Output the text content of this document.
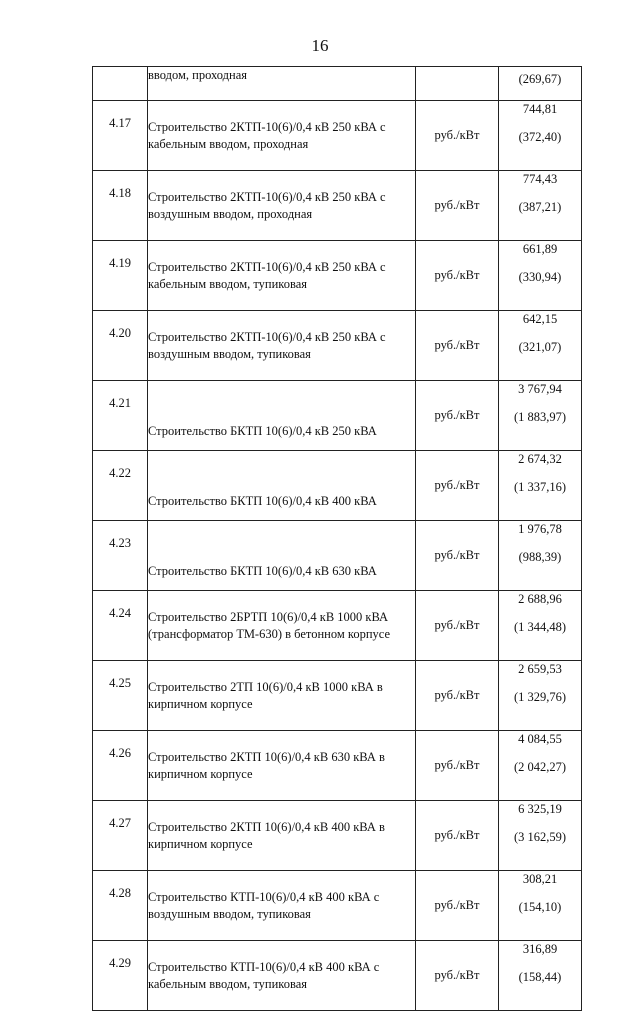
16
	вводом, проходная		(269,67)

4.17	Строительство 2КТП-10(6)/0,4 кВ 250 кВА с
кабельным вводом, проходная	руб./кВт	744,81
(372,40)

4.18	Строительство 2КТП-10(6)/0,4 кВ 250 кВА с
воздушным вводом, проходная	руб./кВт	774,43
(387,21)

4.19	Строительство 2КТП-10(6)/0,4 кВ 250 кВА с
кабельным вводом, тупиковая	руб./кВт	661,89
(330,94)

4.20	Строительство 2КТП-10(6)/0,4 кВ 250 кВА с
воздушным вводом, тупиковая	руб./кВт	642,15
(321,07)

4.21	Строительство БКТП 10(6)/0,4 кВ 250 кВА	руб./кВт	3 767,94
(1 883,97)

4.22	Строительство БКТП 10(6)/0,4 кВ 400 кВА	руб./кВт	2 674,32
(1 337,16)

4.23	Строительство БКТП 10(6)/0,4 кВ 630 кВА	руб./кВт	1 976,78
(988,39)

4.24	Строительство 2БРТП 10(6)/0,4 кВ 1000 кВА
(трансформатор ТМ-630) в бетонном корпусе	руб./кВт	2 688,96
(1 344,48)

4.25	Строительство 2ТП 10(6)/0,4 кВ 1000 кВА в
кирпичном корпусе	руб./кВт	2 659,53
(1 329,76)

4.26	Строительство 2КТП 10(6)/0,4 кВ 630 кВА в
кирпичном корпусе	руб./кВт	4 084,55
(2 042,27)

4.27	Строительство 2КТП 10(6)/0,4 кВ 400 кВА в
кирпичном корпусе	руб./кВт	6 325,19
(3 162,59)

4.28	Строительство КТП-10(6)/0,4 кВ 400 кВА с
воздушным вводом, тупиковая	руб./кВт	308,21
(154,10)

4.29	Строительство КТП-10(6)/0,4 кВ 400 кВА с
кабельным вводом, тупиковая	руб./кВт	316,89
(158,44)
